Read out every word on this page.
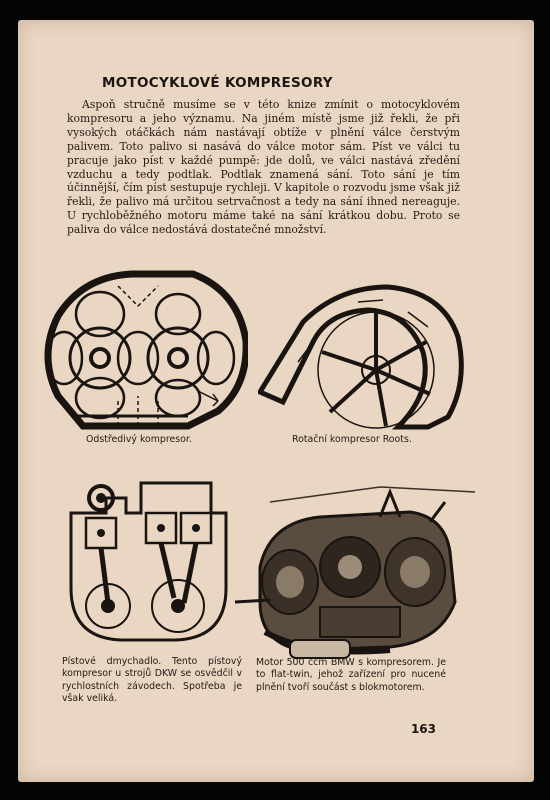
MOTOCYKLOVÉ KOMPRESORY

Aspoň stručně musíme se v této knize zmínit o motocyklovém kompresoru a jeho významu. Na jiném místě jsme již řekli, že při vysokých otáčkách nám nastávají obtíže v plnění válce čerstvým palivem. Toto palivo si nasává do válce motor sám. Píst ve válci tu pracuje jako píst v každé pumpě: jde dolů, ve válci nastává zředění vzduchu a tedy podtlak. Podtlak znamená sání. Toto sání je tím účinnější, čím píst sestupuje rychleji. V kapitole o rozvodu jsme však již řekli, že palivo má určitou setrvačnost a tedy na sání ihned nereaguje. U rychloběžného motoru máme také na sání krátkou dobu. Proto se paliva do válce nedostává dostatečné množství.

Odstředivý kompresor.	Rotační kompresor Roots.
Pístové dmychadlo. Tento pístový kompresor u strojů DKW se osvědčil v rychlostních závodech. Spotřeba je však veliká.
Motor 500 ccm BMW s kompresorem. Je to flat-twin, jehož zařízení pro nucené plnění tvoří součást s blokmotorem.
163
